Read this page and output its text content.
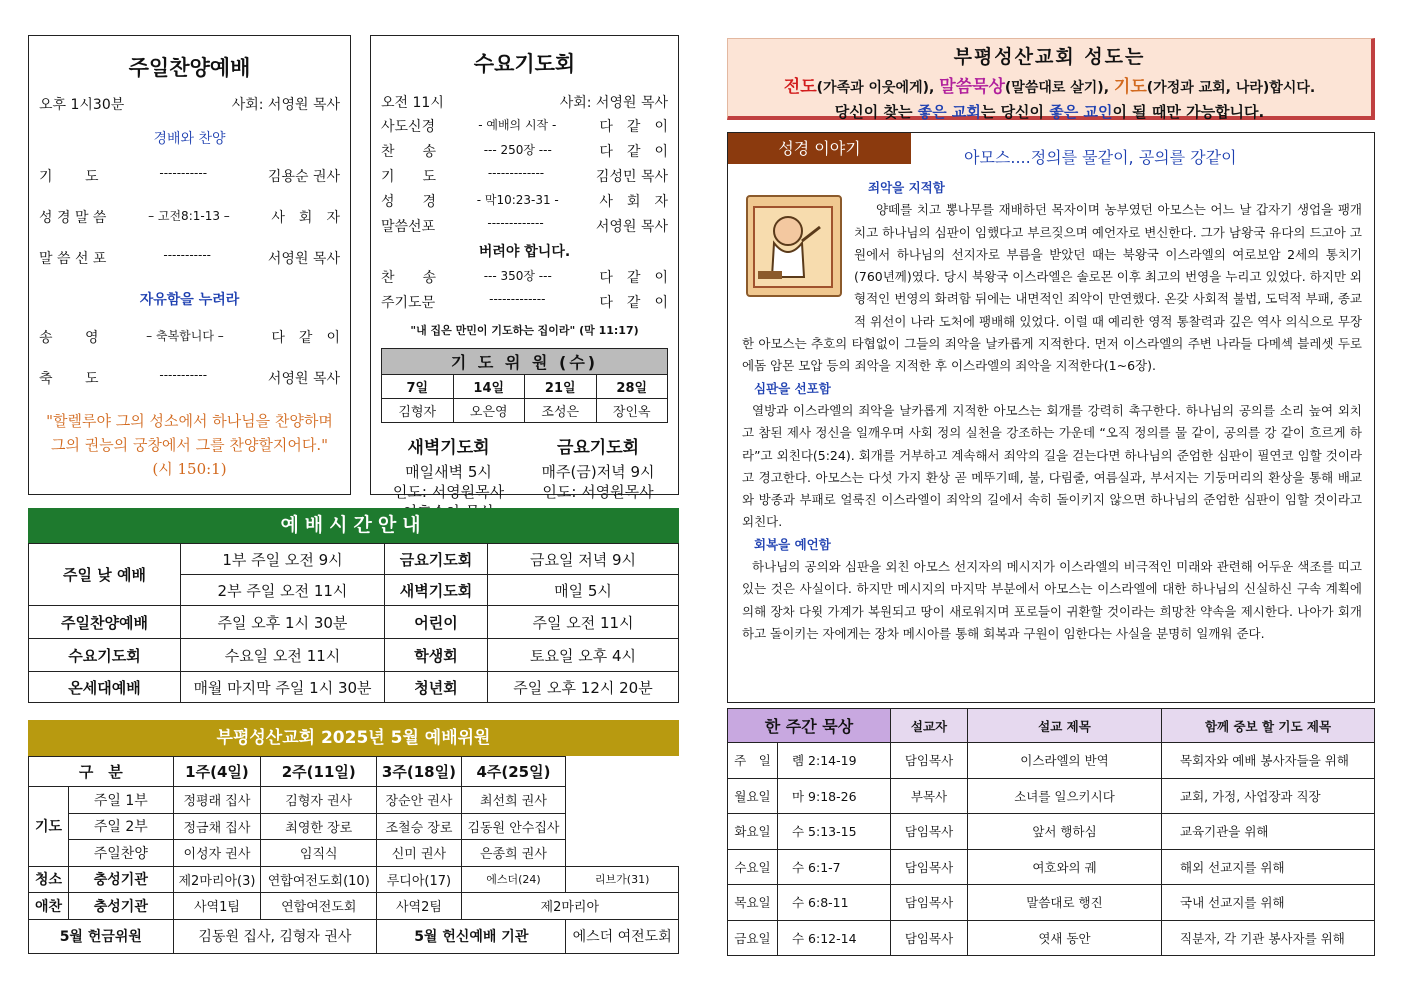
주일찬양예배
오후 1시30분	사회: 서영원 목사
경배와 찬양
기　　 도	-----------	김용순 권사
성 경 말 씀	– 고전8:1-13 –	사　회　자
말 씀 선 포	-----------	서영원 목사
자유함을 누려라
송　　 영	– 축복합니다 –	다　같　이
축　　 도	-----------	서영원 목사
"할렐루야 그의 성소에서 하나님을 찬양하며 그의 권능의 궁창에서 그를 찬양할지어다." (시 150:1)
수요기도회
오전 11시	사회: 서영원 목사
사도신경	- 예배의 시작 -	다　같　이
찬　　송	--- 250장 ---	다　같　이
기　　도	-------------	김성민 목사
성　　경	- 막10:23-31 -	사　회　자
말씀선포	-------------	서영원 목사
버려야 합니다.
찬　　송	--- 350장 ---	다　같　이
주기도문	-------------	다　같　이
"내 집은 만민이 기도하는 집이라" (막 11:17)
기 도 위 원 (수)			
7일	14일	21일	28일
김형자	오은영	조성은	장인옥
새벽기도회
매일새벽 5시
인도: 서영원목사
금요기도회
매주(금)저녁 9시
인도: 서영원목사
예배시간안내
주일 낮 예배	1부 주일 오전 9시	금요기도회	금요일 저녁 9시
	2부 주일 오전 11시	새벽기도회	매일 5시
주일찬양예배	주일 오후 1시 30분	어린이	주일 오전 11시
수요기도회	수요일 오전 11시	학생회	토요일 오후 4시
온세대예배	매월 마지막 주일 1시 30분	청년회	주일 오후 12시 20분
부평성산교회 2025년 5월 예배위원
구　분		1주(4일)	2주(11일)	3주(18일)	4주(25일)	
기도	주일 1부	정평래 집사	김형자 권사	장순안 권사	최선희 권사	
	주일 2부	정금채 집사	최영한 장로	조철승 장로	김동원 안수집사	
	주일찬양	이성자 권사	임직식	신미 권사	은종희 권사	
청소	충성기관	제2마리아(3)	연합여전도회(10)	루디아(17)	에스더(24)	리브가(31)
애찬	충성기관	사역1팀	연합여전도회	사역2팀	제2마리아	
5월 헌금위원		김동원 집사, 김형자 권사		5월 헌신예배 기관		에스더 여전도회
부평성산교회 성도는
전도(가족과 이웃에게), 말씀묵상(말씀대로 살기), 기도(가정과 교회, 나라)합시다.
당신이 찾는 좋은 교회는 당신이 좋은 교인이 될 때만 가능합니다.
성경 이야기	아모스....정의를 물같이, 공의를 강같이
죄악을 지적함
양떼를 치고 뽕나무를 재배하던 목자이며 농부였던 아모스는 어느 날 갑자기 생업을 팽개치고 하나님의 심판이 임했다고 부르짖으며 예언자로 변신한다. 그가 남왕국 유다의 드고아 고원에서 하나님의 선지자로 부름을 받았던 때는 북왕국 이스라엘의 여로보암 2세의 통치기(760년께)였다. 당시 북왕국 이스라엘은 솔로몬 이후 최고의 번영을 누리고 있었다. 하지만 외형적인 번영의 화려함 뒤에는 내면적인 죄악이 만연했다. 온갖 사회적 불법, 도덕적 부패, 종교적 위선이 나라 도처에 팽배해 있었다. 이럴 때 예리한 영적 통찰력과 깊은 역사 의식으로 무장한 아모스는 추호의 타협없이 그들의 죄악을 날카롭게 지적한다. 먼저 이스라엘의 주변 나라들 다메섹 블레셋 두로 에돔 암몬 모압 등의 죄악을 지적한 후 이스라엘의 죄악을 지적한다(1~6장).
심판을 선포함
열방과 이스라엘의 죄악을 날카롭게 지적한 아모스는 회개를 강력히 촉구한다. 하나님의 공의를 소리 높여 외치고 참된 제사 정신을 일깨우며 사회 정의 실천을 강조하는 가운데 “오직 정의를 물 같이, 공의를 강 같이 흐르게 하라”고 외친다(5:24). 회개를 거부하고 계속해서 죄악의 길을 걷는다면 하나님의 준엄한 심판이 필연코 임할 것이라고 경고한다. 아모스는 다섯 가지 환상 곧 메뚜기떼, 불, 다림줄, 여름실과, 부서지는 기둥머리의 환상을 통해 배교와 방종과 부패로 얼룩진 이스라엘이 죄악의 길에서 속히 돌이키지 않으면 하나님의 준엄한 심판이 임할 것이라고 외친다.
회복을 예언함
하나님의 공의와 심판을 외친 아모스 선지자의 메시지가 이스라엘의 비극적인 미래와 관련해 어두운 색조를 띠고 있는 것은 사실이다. 하지만 메시지의 마지막 부분에서 아모스는 이스라엘에 대한 하나님의 신실하신 구속 계획에 의해 장차 다윗 가계가 복원되고 땅이 새로워지며 포로들이 귀환할 것이라는 희망찬 약속을 제시한다. 나아가 회개하고 돌이키는 자에게는 장차 메시아를 통해 회복과 구원이 임한다는 사실을 분명히 일깨워 준다.
한 주간 묵상		설교자	설교 제목	함께 중보 할 기도 제목
주　일	롐 2:14-19	담임목사	이스라엘의 반역	목회자와 예배 봉사자들을 위해
월요일	마 9:18-26	부목사	소녀를 일으키시다	교회, 가정, 사업장과 직장
화요일	수 5:13-15	담임목사	앞서 행하심	교육기관을 위해
수요일	수 6:1-7	담임목사	여호와의 궤	해외 선교지를 위해
목요일	수 6:8-11	담임목사	말씀대로 행진	국내 선교지를 위해
금요일	수 6:12-14	담임목사	엿새 동안	직분자, 각 기관 봉사자를 위해
